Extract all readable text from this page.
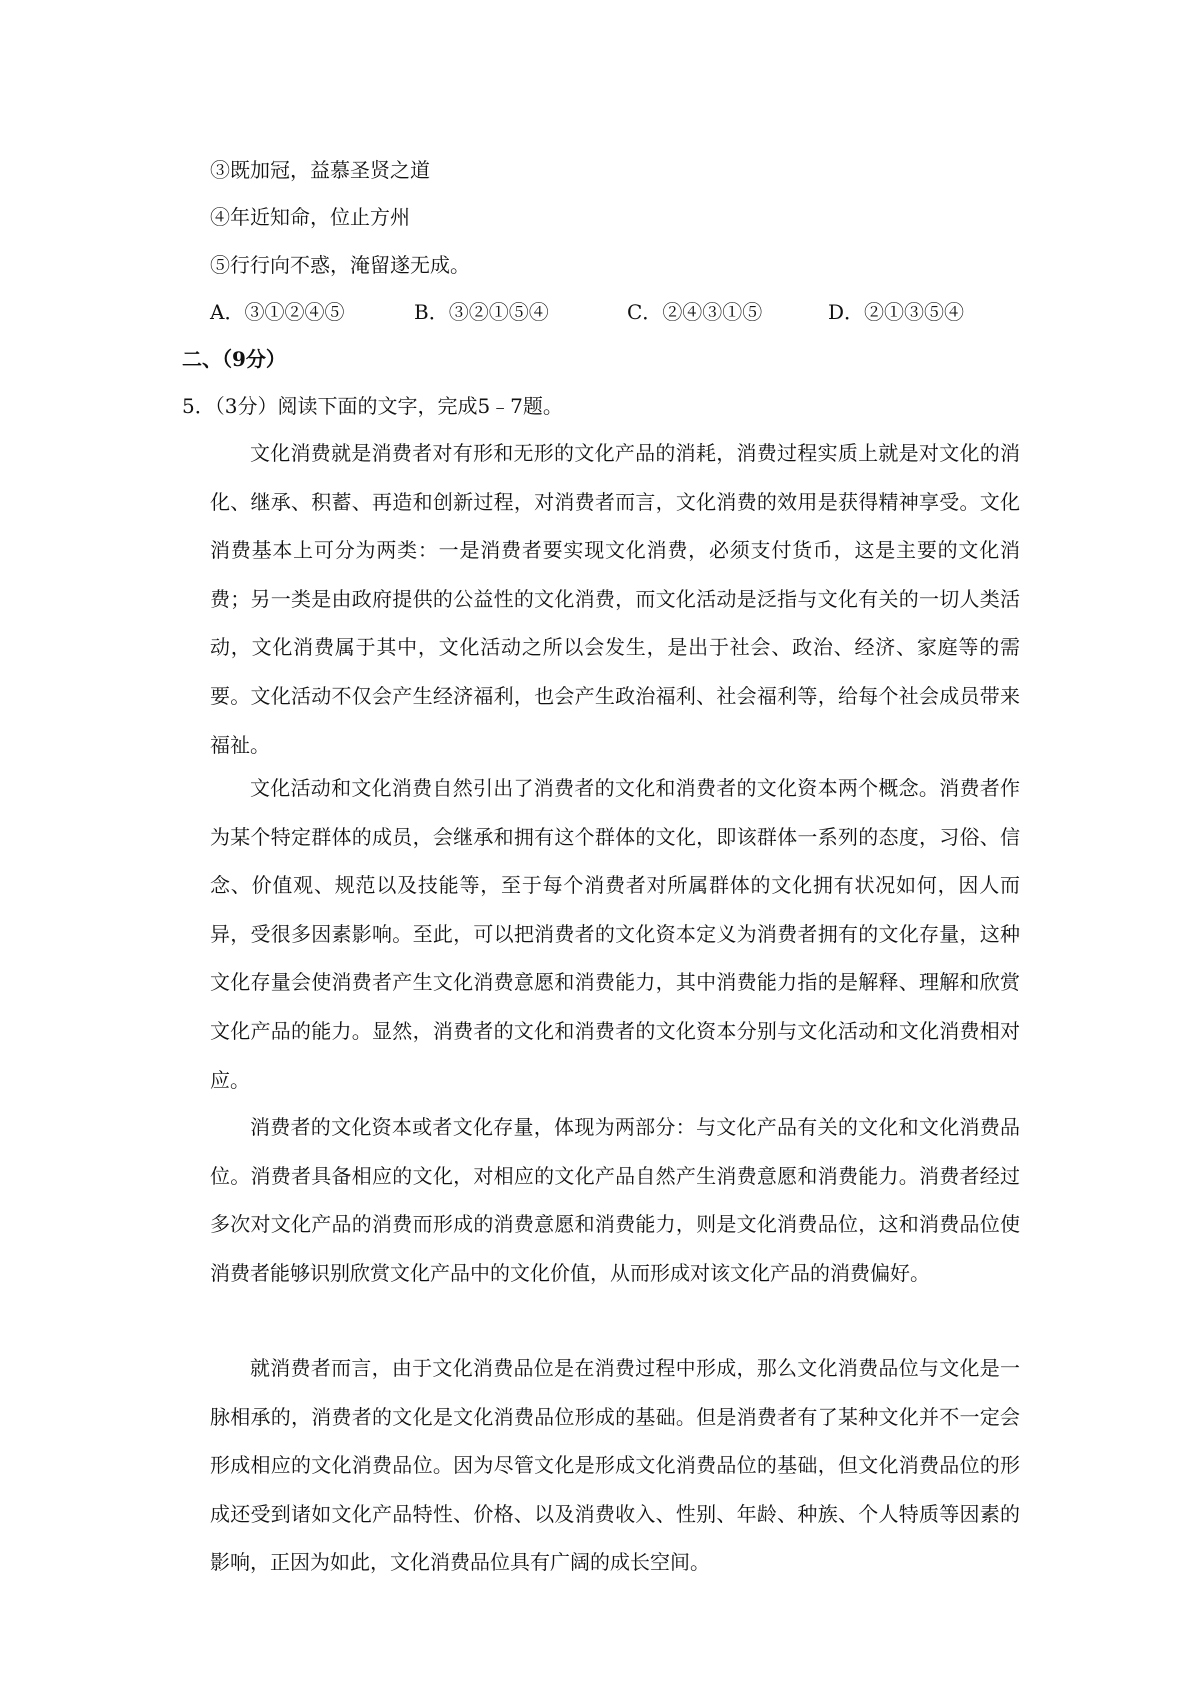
③既加冠，益慕圣贤之道
④年近知命，位止方州
⑤行行向不惑，淹留遂无成。
A．③①②④⑤	B．③②①⑤④	C．②④③①⑤	D．②①③⑤④
二、（9分）
5．（3分）阅读下面的文字，完成5﹣7题。

文化消费就是消费者对有形和无形的文化产品的消耗，消费过程实质上就是对文化的消化、继承、积蓄、再造和创新过程，对消费者而言，文化消费的效用是获得精神享受。文化消费基本上可分为两类：一是消费者要实现文化消费，必须支付货币，这是主要的文化消费；另一类是由政府提供的公益性的文化消费，而文化活动是泛指与文化有关的一切人类活动，文化消费属于其中，文化活动之所以会发生，是出于社会、政治、经济、家庭等的需要。文化活动不仅会产生经济福利，也会产生政治福利、社会福利等，给每个社会成员带来福祉。

文化活动和文化消费自然引出了消费者的文化和消费者的文化资本两个概念。消费者作为某个特定群体的成员，会继承和拥有这个群体的文化，即该群体一系列的态度，习俗、信念、价值观、规范以及技能等，至于每个消费者对所属群体的文化拥有状况如何，因人而异，受很多因素影响。至此，可以把消费者的文化资本定义为消费者拥有的文化存量，这种文化存量会使消费者产生文化消费意愿和消费能力，其中消费能力指的是解释、理解和欣赏文化产品的能力。显然，消费者的文化和消费者的文化资本分别与文化活动和文化消费相对应。

消费者的文化资本或者文化存量，体现为两部分：与文化产品有关的文化和文化消费品位。消费者具备相应的文化，对相应的文化产品自然产生消费意愿和消费能力。消费者经过多次对文化产品的消费而形成的消费意愿和消费能力，则是文化消费品位，这和消费品位使消费者能够识别欣赏文化产品中的文化价值，从而形成对该文化产品的消费偏好。

就消费者而言，由于文化消费品位是在消费过程中形成，那么文化消费品位与文化是一脉相承的，消费者的文化是文化消费品位形成的基础。但是消费者有了某种文化并不一定会形成相应的文化消费品位。因为尽管文化是形成文化消费品位的基础，但文化消费品位的形成还受到诸如文化产品特性、价格、以及消费收入、性别、年龄、种族、个人特质等因素的影响，正因为如此，文化消费品位具有广阔的成长空间。
